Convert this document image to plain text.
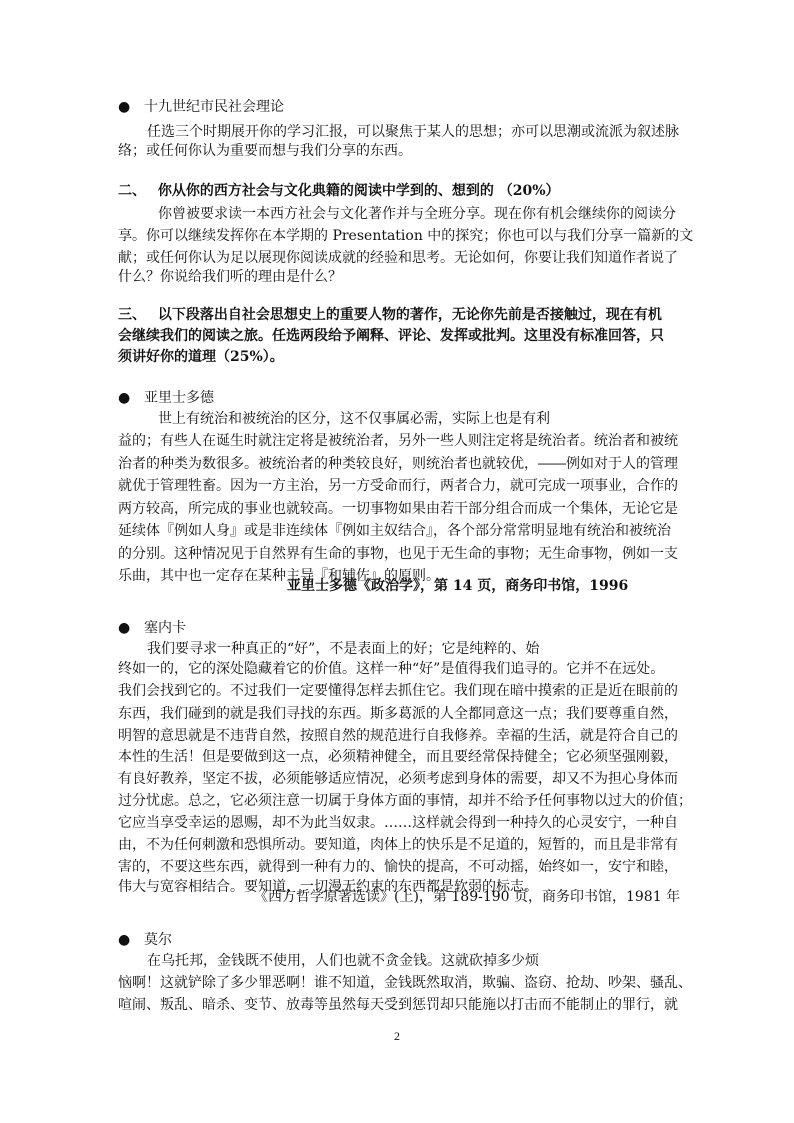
● 十九世纪市民社会理论
任选三个时期展开你的学习汇报，可以聚焦于某人的思想；亦可以思潮或流派为叙述脉
络；或任何你认为重要而想与我们分享的东西。
二、　 你从你的西方社会与文化典籍的阅读中学到的、想到的 （20%）
你曾被要求读一本西方社会与文化著作并与全班分享。现在你有机会继续你的阅读分
享。你可以继续发挥你在本学期的 Presentation 中的探究；你也可以与我们分享一篇新的文
献；或任何你认为足以展现你阅读成就的经验和思考。无论如何，你要让我们知道作者说了
什么？你说给我们听的理由是什么？
三、　 以下段落出自社会思想史上的重要人物的著作，无论你先前是否接触过，现在有机
会继续我们的阅读之旅。任选两段给予阐释、评论、发挥或批判。这里没有标准回答，只
须讲好你的道理（25%）。
● 亚里士多德
世上有统治和被统治的区分，这不仅事属必需，实际上也是有利
益的；有些人在诞生时就注定将是被统治者，另外一些人则注定将是统治者。统治者和被统
治者的种类为数很多。被统治者的种类较良好，则统治者也就较优，――例如对于人的管理
就优于管理牲畜。因为一方主治，另一方受命而行，两者合力，就可完成一项事业，合作的
两方较高，所完成的事业也就较高。一切事物如果由若干部分组合而成一个集体，无论它是
延续体『例如人身』或是非连续体『例如主奴结合』，各个部分常常明显地有统治和被统治
的分别。这种情况见于自然界有生命的事物，也见于无生命的事物；无生命事物，例如一支
乐曲，其中也一定存在某种主导『和辅佐』的原则。
亚里士多德《政治学》，第 14 页，商务印书馆，1996
● 塞内卡
我们要寻求一种真正的“好”，不是表面上的好；它是纯粹的、始
终如一的，它的深处隐藏着它的价值。这样一种“好”是值得我们追寻的。它并不在远处。
我们会找到它的。不过我们一定要懂得怎样去抓住它。我们现在暗中摸索的正是近在眼前的
东西，我们碰到的就是我们寻找的东西。斯多葛派的人全都同意这一点；我们要尊重自然，
明智的意思就是不违背自然，按照自然的规范进行自我修养。幸福的生活，就是符合自己的
本性的生活！但是要做到这一点，必须精神健全，而且要经常保持健全；它必须坚强刚毅，
有良好教养，坚定不拔，必须能够适应情况，必须考虑到身体的需要，却又不为担心身体而
过分忧虑。总之，它必须注意一切属于身体方面的事情，却并不给予任何事物以过大的价值；
它应当享受幸运的恩赐，却不为此当奴隶。……这样就会得到一种持久的心灵安宁，一种自
由，不为任何刺激和恐惧所动。要知道，肉体上的快乐是不足道的，短暂的，而且是非常有
害的，不要这些东西，就得到一种有力的、愉快的提高，不可动摇，始终如一，安宁和睦，
伟大与宽容相结合。要知道，一切漫无约束的东西都是软弱的标志。
《西方哲学原著选读》(上)，第 189-190 页，商务印书馆，1981 年
● 莫尔
在乌托邦，金钱既不使用，人们也就不贪金钱。这就砍掉多少烦
恼啊！这就铲除了多少罪恶啊！谁不知道，金钱既然取消，欺骗、盗窃、抢劫、吵架、骚乱、
喧闹、叛乱、暗杀、变节、放毒等虽然每天受到惩罚却只能施以打击而不能制止的罪行，就
2
